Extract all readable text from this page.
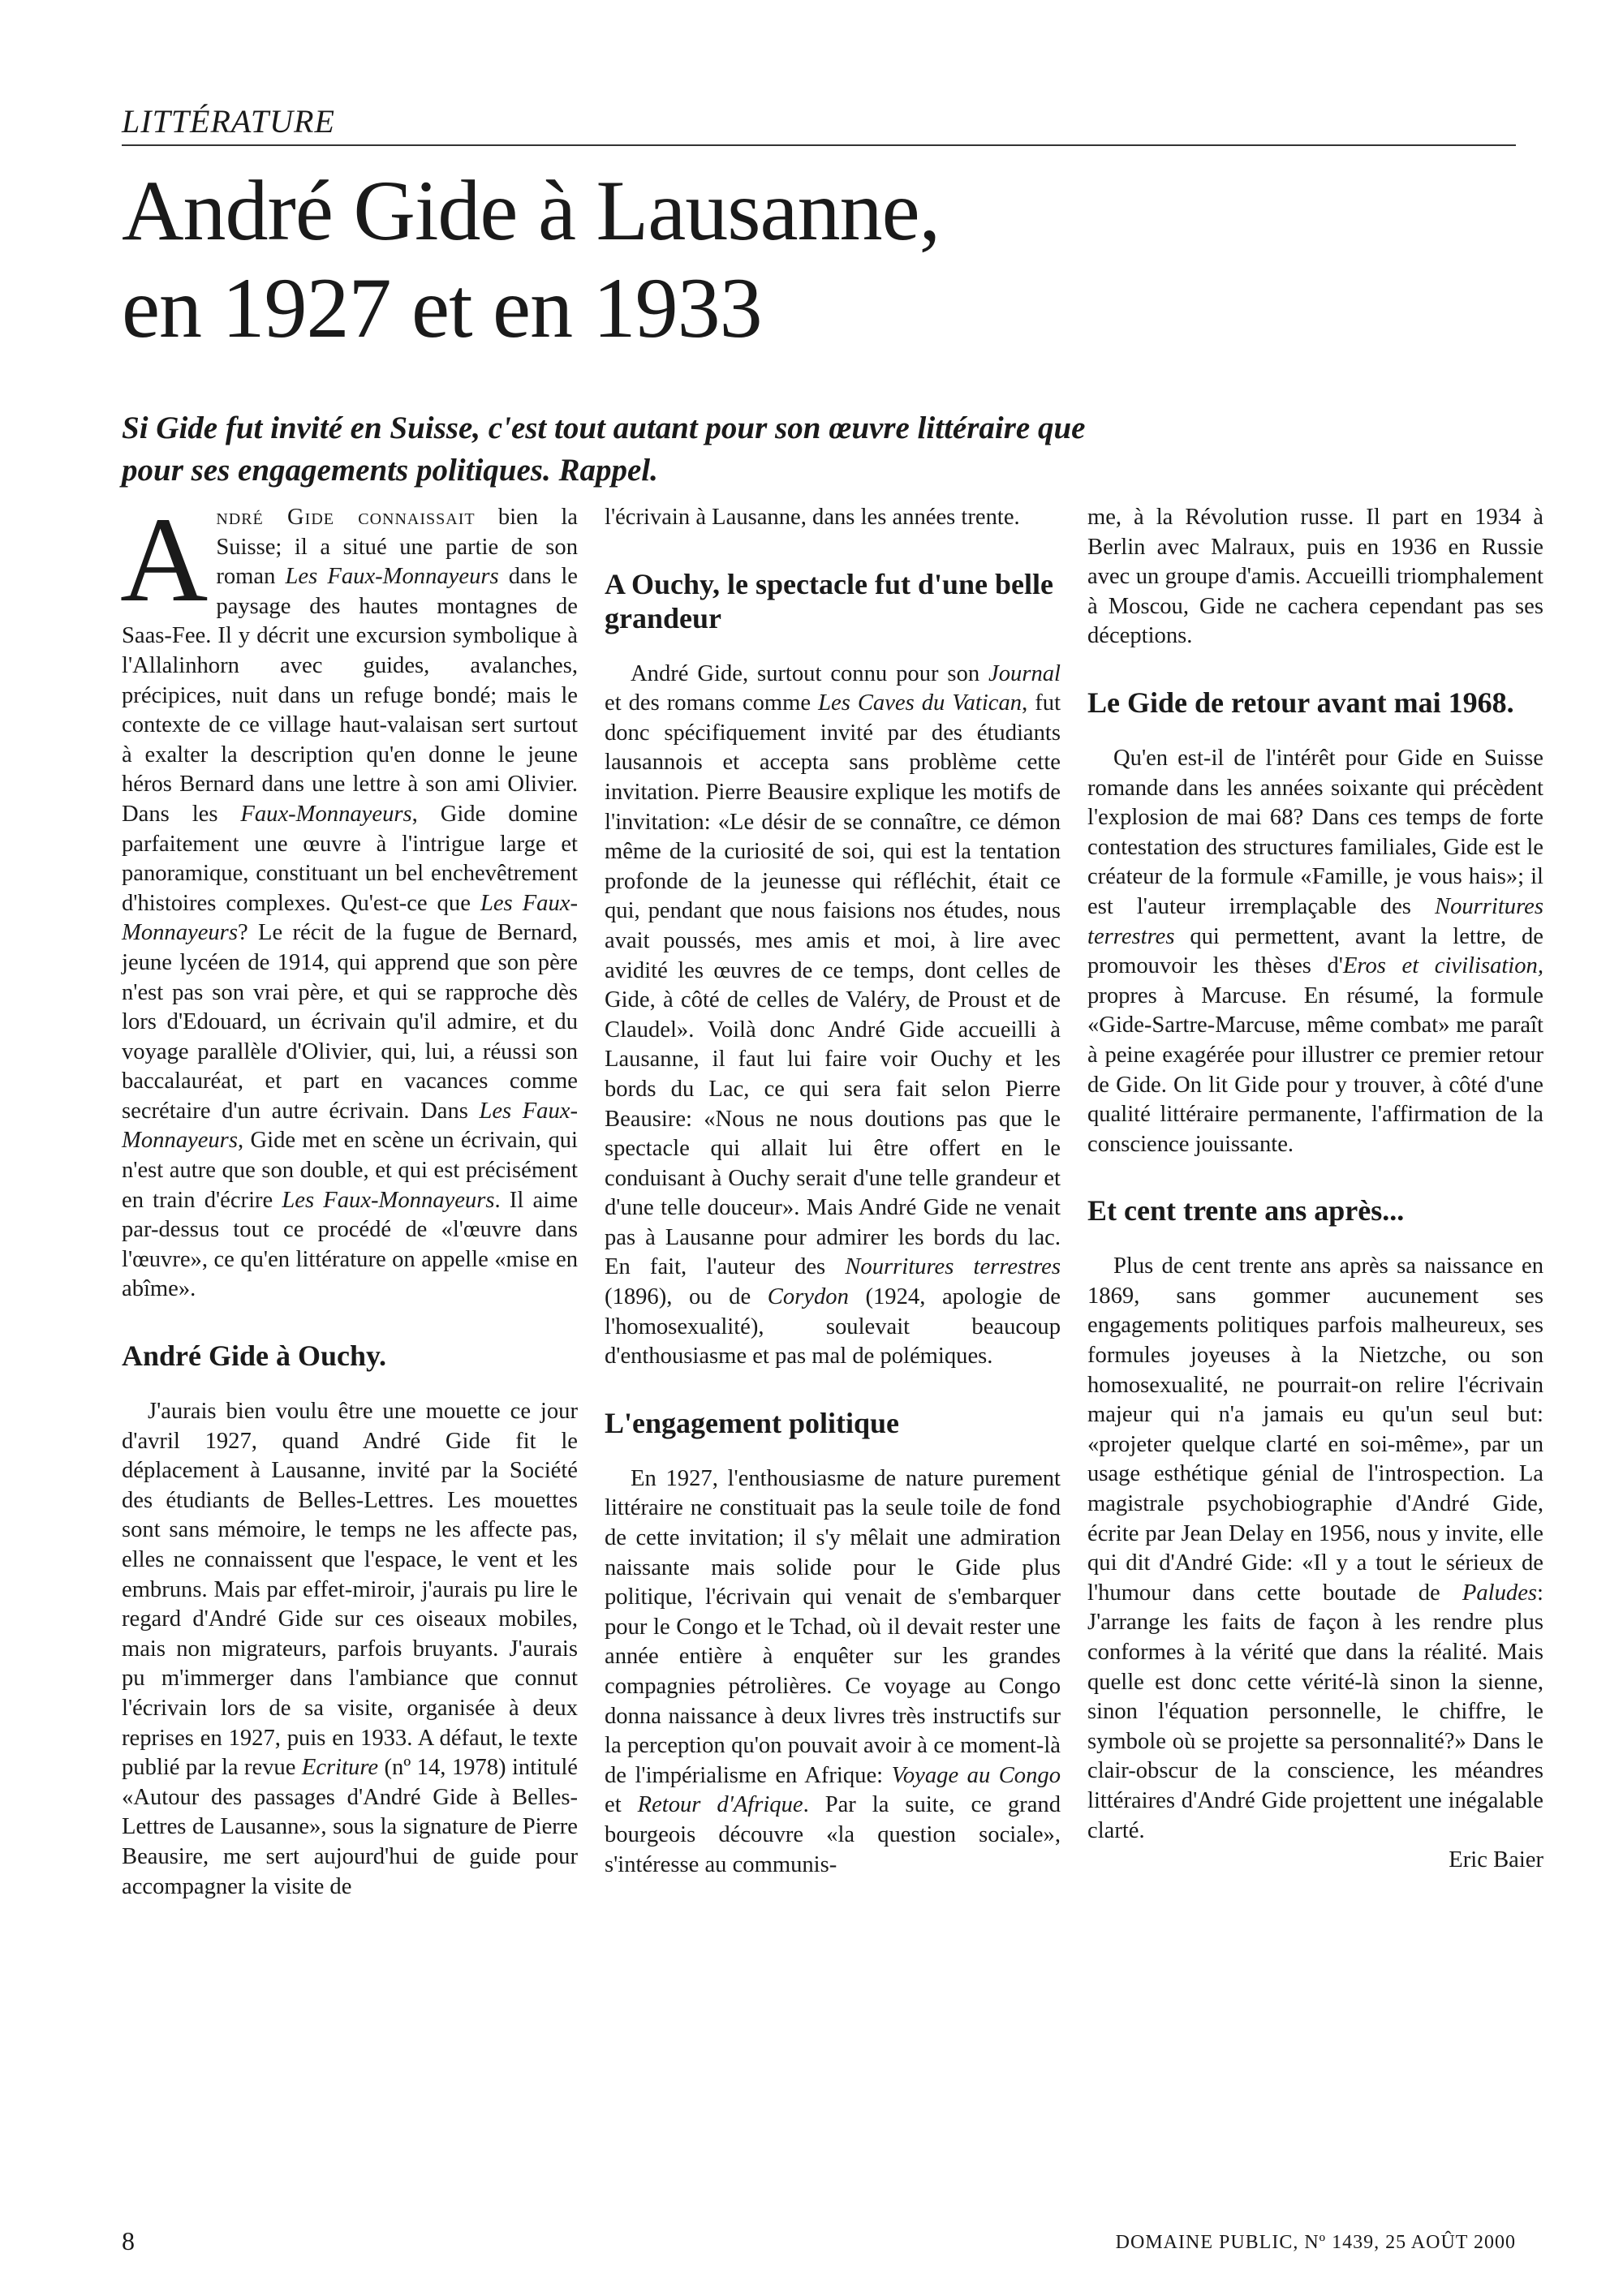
LITTÉRATURE
André Gide à Lausanne,
en 1927 et en 1933
Si Gide fut invité en Suisse, c'est tout autant pour son œuvre littéraire que
pour ses engagements politiques. Rappel.

André Gide connaissait bien la Suisse; il a situé une partie de son roman Les Faux-Monnayeurs dans le paysage des hautes montagnes de Saas-Fee. Il y décrit une excursion symbolique à l'Allalinhorn avec guides, avalanches, précipices, nuit dans un refuge bondé; mais le contexte de ce village haut-valaisan sert surtout à exalter la description qu'en donne le jeune héros Bernard dans une lettre à son ami Olivier. Dans les Faux-Monnayeurs, Gide domine parfaitement une œuvre à l'intrigue large et panoramique, constituant un bel enchevêtrement d'histoires complexes. Qu'est-ce que Les Faux-Monnayeurs? Le récit de la fugue de Bernard, jeune lycéen de 1914, qui apprend que son père n'est pas son vrai père, et qui se rapproche dès lors d'Edouard, un écrivain qu'il admire, et du voyage parallèle d'Olivier, qui, lui, a réussi son baccalauréat, et part en vacances comme secrétaire d'un autre écrivain. Dans Les Faux-Monnayeurs, Gide met en scène un écrivain, qui n'est autre que son double, et qui est précisément en train d'écrire Les Faux-Monnayeurs. Il aime par-dessus tout ce procédé de «l'œuvre dans l'œuvre», ce qu'en littérature on appelle «mise en abîme».

André Gide à Ouchy.

J'aurais bien voulu être une mouette ce jour d'avril 1927, quand André Gide fit le déplacement à Lausanne, invité par la Société des étudiants de Belles-Lettres. Les mouettes sont sans mémoire, le temps ne les affecte pas, elles ne connaissent que l'espace, le vent et les embruns. Mais par effet-miroir, j'aurais pu lire le regard d'André Gide sur ces oiseaux mobiles, mais non migrateurs, parfois bruyants. J'aurais pu m'immerger dans l'ambiance que connut l'écrivain lors de sa visite, organisée à deux reprises en 1927, puis en 1933. A défaut, le texte publié par la revue Ecriture (nº 14, 1978) intitulé «Autour des passages d'André Gide à Belles-Lettres de Lausanne», sous la signature de Pierre Beausire, me sert aujourd'hui de guide pour accompagner la visite de

l'écrivain à Lausanne, dans les années trente.

A Ouchy, le spectacle fut d'une belle grandeur

André Gide, surtout connu pour son Journal et des romans comme Les Caves du Vatican, fut donc spécifiquement invité par des étudiants lausannois et accepta sans problème cette invitation. Pierre Beausire explique les motifs de l'invitation: «Le désir de se connaître, ce démon même de la curiosité de soi, qui est la tentation profonde de la jeunesse qui réfléchit, était ce qui, pendant que nous faisions nos études, nous avait poussés, mes amis et moi, à lire avec avidité les œuvres de ce temps, dont celles de Gide, à côté de celles de Valéry, de Proust et de Claudel». Voilà donc André Gide accueilli à Lausanne, il faut lui faire voir Ouchy et les bords du Lac, ce qui sera fait selon Pierre Beausire: «Nous ne nous doutions pas que le spectacle qui allait lui être offert en le conduisant à Ouchy serait d'une telle grandeur et d'une telle douceur». Mais André Gide ne venait pas à Lausanne pour admirer les bords du lac. En fait, l'auteur des Nourritures terrestres (1896), ou de Corydon (1924, apologie de l'homosexualité), soulevait beaucoup d'enthousiasme et pas mal de polémiques.

L'engagement politique

En 1927, l'enthousiasme de nature purement littéraire ne constituait pas la seule toile de fond de cette invitation; il s'y mêlait une admiration naissante mais solide pour le Gide plus politique, l'écrivain qui venait de s'embarquer pour le Congo et le Tchad, où il devait rester une année entière à enquêter sur les grandes compagnies pétrolières. Ce voyage au Congo donna naissance à deux livres très instructifs sur la perception qu'on pouvait avoir à ce moment-là de l'impérialisme en Afrique: Voyage au Congo et Retour d'Afrique. Par la suite, ce grand bourgeois découvre «la question sociale», s'intéresse au communis-

me, à la Révolution russe. Il part en 1934 à Berlin avec Malraux, puis en 1936 en Russie avec un groupe d'amis. Accueilli triomphalement à Moscou, Gide ne cachera cependant pas ses déceptions.

Le Gide de retour avant mai 1968.

Qu'en est-il de l'intérêt pour Gide en Suisse romande dans les années soixante qui précèdent l'explosion de mai 68? Dans ces temps de forte contestation des structures familiales, Gide est le créateur de la formule «Famille, je vous hais»; il est l'auteur irremplaçable des Nourritures terrestres qui permettent, avant la lettre, de promouvoir les thèses d'Eros et civilisation, propres à Marcuse. En résumé, la formule «Gide-Sartre-Marcuse, même combat» me paraît à peine exagérée pour illustrer ce premier retour de Gide. On lit Gide pour y trouver, à côté d'une qualité littéraire permanente, l'affirmation de la conscience jouissante.

Et cent trente ans après...

Plus de cent trente ans après sa naissance en 1869, sans gommer aucunement ses engagements politiques parfois malheureux, ses formules joyeuses à la Nietzche, ou son homosexualité, ne pourrait-on relire l'écrivain majeur qui n'a jamais eu qu'un seul but: «projeter quelque clarté en soi-même», par un usage esthétique génial de l'introspection. La magistrale psychobiographie d'André Gide, écrite par Jean Delay en 1956, nous y invite, elle qui dit d'André Gide: «Il y a tout le sérieux de l'humour dans cette boutade de Paludes: J'arrange les faits de façon à les rendre plus conformes à la vérité que dans la réalité. Mais quelle est donc cette vérité-là sinon la sienne, sinon l'équation personnelle, le chiffre, le symbole où se projette sa personnalité?» Dans le clair-obscur de la conscience, les méandres littéraires d'André Gide projettent une inégalable clarté.

Eric Baier

8	DOMAINE PUBLIC, Nº 1439, 25 AOÛT 2000
